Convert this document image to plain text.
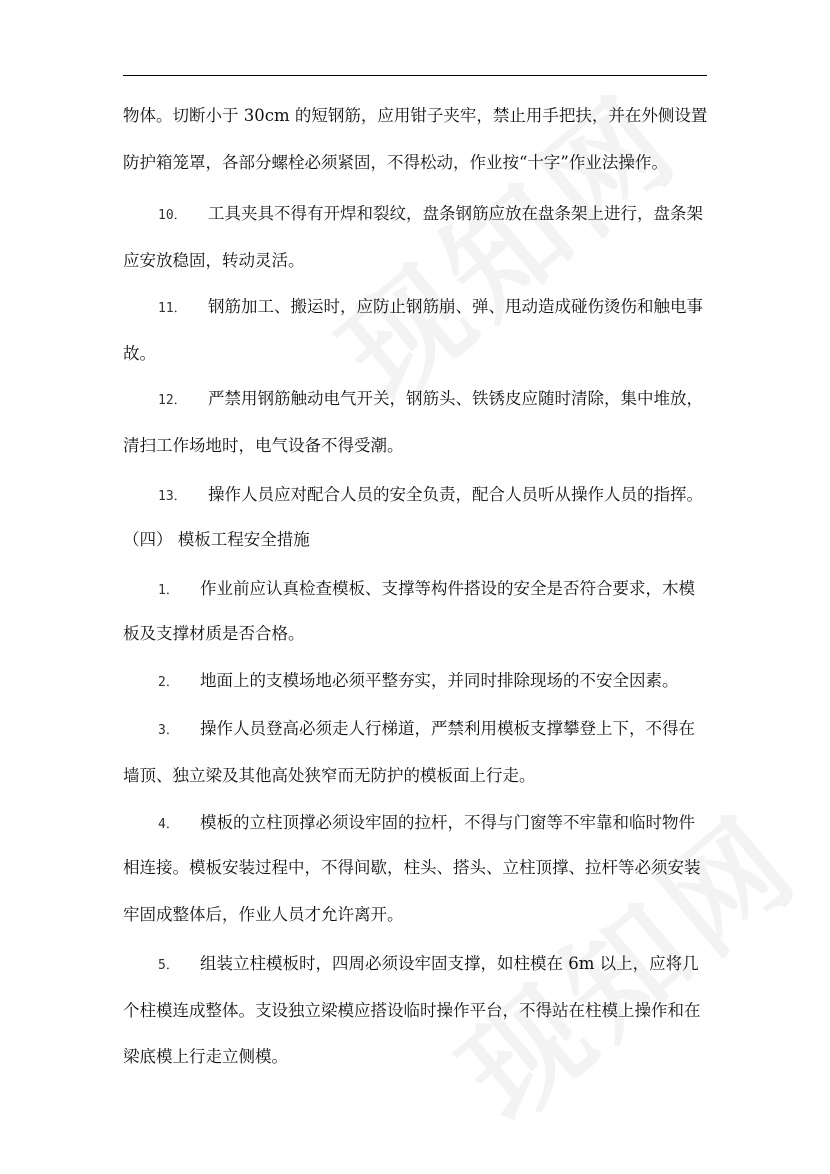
物体。切断小于 30cm 的短钢筋，应用钳子夹牢，禁止用手把扶，并在外侧设置
防护箱笼罩，各部分螺栓必须紧固，不得松动，作业按“十字”作业法操作。
10． 工具夹具不得有开焊和裂纹，盘条钢筋应放在盘条架上进行，盘条架
应安放稳固，转动灵活。
11． 钢筋加工、搬运时，应防止钢筋崩、弹、甩动造成碰伤烫伤和触电事
故。
12． 严禁用钢筋触动电气开关，钢筋头、铁锈皮应随时清除，集中堆放，
清扫工作场地时，电气设备不得受潮。
13． 操作人员应对配合人员的安全负责，配合人员听从操作人员的指挥。
（四） 模板工程安全措施
1． 作业前应认真检查模板、支撑等构件搭设的安全是否符合要求，木模
板及支撑材质是否合格。
2． 地面上的支模场地必须平整夯实，并同时排除现场的不安全因素。
3． 操作人员登高必须走人行梯道，严禁利用模板支撑攀登上下，不得在
墙顶、独立梁及其他高处狭窄而无防护的模板面上行走。
4． 模板的立柱顶撑必须设牢固的拉杆，不得与门窗等不牢靠和临时物件
相连接。模板安装过程中，不得间歇，柱头、搭头、立柱顶撑、拉杆等必须安装
牢固成整体后，作业人员才允许离开。
5． 组装立柱模板时，四周必须设牢固支撑，如柱模在 6m 以上，应将几
个柱模连成整体。支设独立梁模应搭设临时操作平台，不得站在柱模上操作和在
梁底模上行走立侧模。
